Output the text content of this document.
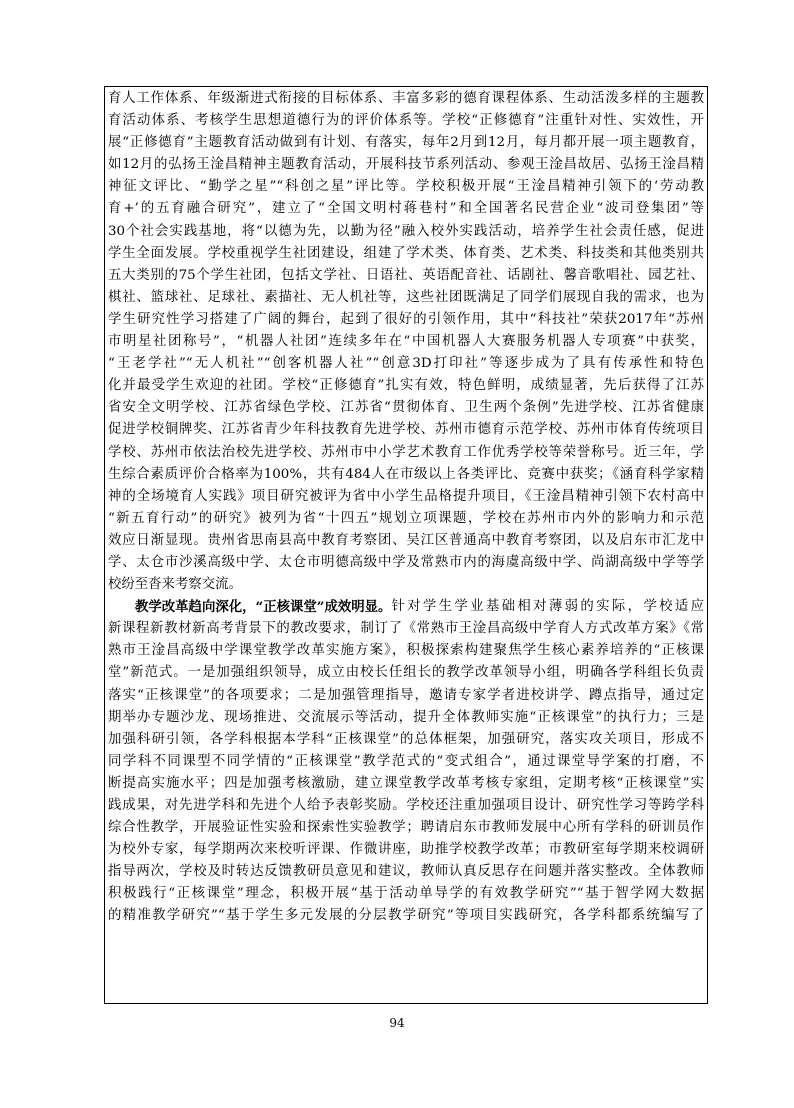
育人工作体系、年级渐进式衔接的目标体系、丰富多彩的德育课程体系、生动活泼多样的主题教
育活动体系、考核学生思想道德行为的评价体系等。学校“正修德育”注重针对性、实效性，开
展“正修德育”主题教育活动做到有计划、有落实，每年2月到12月，每月都开展一项主题教育，
如12月的弘扬王淦昌精神主题教育活动，开展科技节系列活动、参观王淦昌故居、弘扬王淦昌精
神征文评比、“勤学之星”“科创之星”评比等。学校积极开展“王淦昌精神引领下的‘劳动教
育+’的五育融合研究”，建立了“全国文明村蒋巷村”和全国著名民营企业“波司登集团”等
30个社会实践基地，将“以德为先，以勤为径”融入校外实践活动，培养学生社会责任感，促进
学生全面发展。学校重视学生社团建设，组建了学术类、体育类、艺术类、科技类和其他类别共
五大类别的75个学生社团，包括文学社、日语社、英语配音社、话剧社、馨音歌唱社、园艺社、
棋社、篮球社、足球社、素描社、无人机社等，这些社团既满足了同学们展现自我的需求，也为
学生研究性学习搭建了广阔的舞台，起到了很好的引领作用，其中“科技社”荣获2017年“苏州
市明星社团称号”，“机器人社团”连续多年在“中国机器人大赛服务机器人专项赛”中获奖，
“王老学社”“无人机社”“创客机器人社”“创意3D打印社”等逐步成为了具有传承性和特色
化并最受学生欢迎的社团。学校“正修德育”扎实有效，特色鲜明，成绩显著，先后获得了江苏
省安全文明学校、江苏省绿色学校、江苏省“贯彻体育、卫生两个条例”先进学校、江苏省健康
促进学校铜牌奖、江苏省青少年科技教育先进学校、苏州市德育示范学校、苏州市体育传统项目
学校、苏州市依法治校先进学校、苏州市中小学艺术教育工作优秀学校等荣誉称号。近三年，学
生综合素质评价合格率为100%，共有484人在市级以上各类评比、竞赛中获奖；《涵育科学家精
神的全场境育人实践》项目研究被评为省中小学生品格提升项目，《王淦昌精神引领下农村高中
“新五育行动”的研究》被列为省“十四五”规划立项课题，学校在苏州市内外的影响力和示范
效应日渐显现。贵州省思南县高中教育考察团、吴江区普通高中教育考察团，以及启东市汇龙中
学、太仓市沙溪高级中学、太仓市明德高级中学及常熟市内的海虞高级中学、尚湖高级中学等学
校纷至沓来考察交流。
教学改革趋向深化，“正核课堂”成效明显。 针对学生学业基础相对薄弱的实际，学校适应
新课程新教材新高考背景下的教改要求，制订了《常熟市王淦昌高级中学育人方式改革方案》《常
熟市王淦昌高级中学课堂教学改革实施方案》，积极探索构建聚焦学生核心素养培养的“正核课
堂”新范式。一是加强组织领导，成立由校长任组长的教学改革领导小组，明确各学科组长负责
落实“正核课堂”的各项要求；二是加强管理指导，邀请专家学者进校讲学、蹲点指导，通过定
期举办专题沙龙、现场推进、交流展示等活动，提升全体教师实施“正核课堂”的执行力；三是
加强科研引领，各学科根据本学科“正核课堂”的总体框架，加强研究，落实攻关项目，形成不
同学科不同课型不同学情的“正核课堂”教学范式的“变式组合”，通过课堂导学案的打磨，不
断提高实施水平；四是加强考核激励，建立课堂教学改革考核专家组，定期考核“正核课堂”实
践成果，对先进学科和先进个人给予表彰奖励。学校还注重加强项目设计、研究性学习等跨学科
综合性教学，开展验证性实验和探索性实验教学；聘请启东市教师发展中心所有学科的研训员作
为校外专家，每学期两次来校听评课、作微讲座，助推学校教学改革；市教研室每学期来校调研
指导两次，学校及时转达反馈教研员意见和建议，教师认真反思存在问题并落实整改。全体教师
积极践行“正核课堂”理念，积极开展“基于活动单导学的有效教学研究”“基于智学网大数据
的精准教学研究”“基于学生多元发展的分层教学研究”等项目实践研究，各学科都系统编写了
94
